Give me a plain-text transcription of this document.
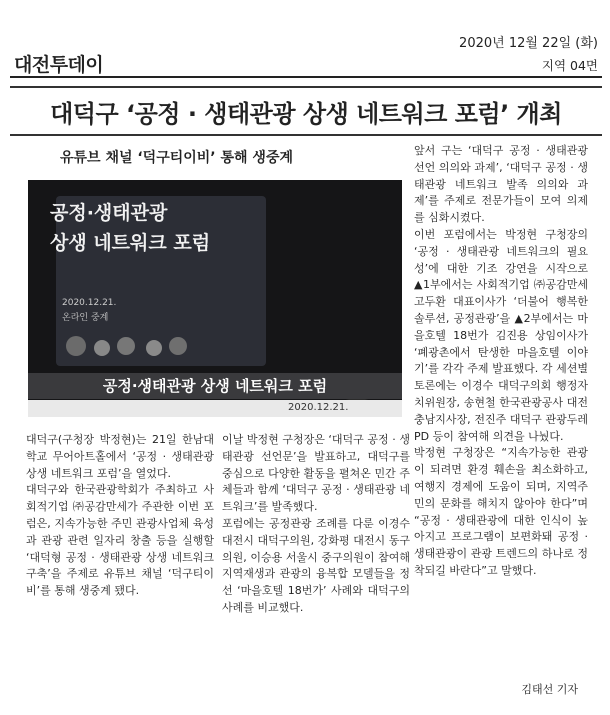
2020년 12월 22일 (화)
대전투데이	지역 04면
대덕구 ‘공정 · 생태관광 상생 네트워크 포럼’ 개최
유튜브 채널 ‘덕구티이비’ 통해 생중계
공정·생태관광
상생 네트워크 포럼
2020.12.21.
온라인 중계
공정·생태관광 상생 네트워크 포럼
2020.12.21.
대덕구(구청장 박정현)는 21일 한남대학교 무어아트홀에서 ‘공정 · 생태관광 상생 네트워크 포럼’을 열었다.
대덕구와 한국관광학회가 주최하고 사회적기업 ㈜공감만세가 주관한 이번 포럼은, 지속가능한 주민 관광사업체 육성과 관광 관련 일자리 창출 등을 실행할 ‘대덕형 공정 · 생태관광 상생 네트워크 구축’을 주제로 유튜브 채널 ‘덕구티이비’를 통해 생중계 됐다.
이날 박정현 구청장은 ‘대덕구 공정 · 생태관광 선언문’을 발표하고, 대덕구를 중심으로 다양한 활동을 펼쳐온 민간 주체들과 함께 ‘대덕구 공정 · 생태관광 네트워크’를 발족했다.
포럼에는 공정관광 조례를 다룬 이경수 대전시 대덕구의원, 강화평 대전시 동구의원, 이승용 서울시 중구의원이 참여해 지역재생과 관광의 융복합 모델들을 정선 ‘마을호텔 18번가’ 사례와 대덕구의 사례를 비교했다.
앞서 구는 ‘대덕구 공정 · 생태관광 선언 의의와 과제’, ‘대덕구 공정 · 생태관광 네트워크 발족 의의와 과제’를 주제로 전문가들이 모여 의제를 심화시켰다.
이번 포럼에서는 박정현 구청장의 ‘공정 · 생태관광 네트워크의 필요성’에 대한 기조 강연을 시작으로 ▲1부에서는 사회적기업 ㈜공감만세 고두환 대표이사가 ‘더불어 행복한 솔루션, 공정관광’을 ▲2부에서는 마을호텔 18번가 김진용 상임이사가 ‘폐광촌에서 탄생한 마을호텔 이야기’를 각각 주제 발표했다. 각 세션별 토론에는 이경수 대덕구의회 행정자치위원장, 송현철 한국관광공사 대전충남지사장, 전진주 대덕구 관광두레 PD 등이 참여해 의견을 나눴다.
박정현 구청장은 “지속가능한 관광이 되려면 환경 훼손을 최소화하고, 여행지 경제에 도움이 되며, 지역주민의 문화를 해치지 않아야 한다”며 “공정 · 생태관광에 대한 인식이 높아지고 프로그램이 보편화돼 공정 · 생태관광이 관광 트렌드의 하나로 정착되길 바란다”고 말했다.
김태선 기자
